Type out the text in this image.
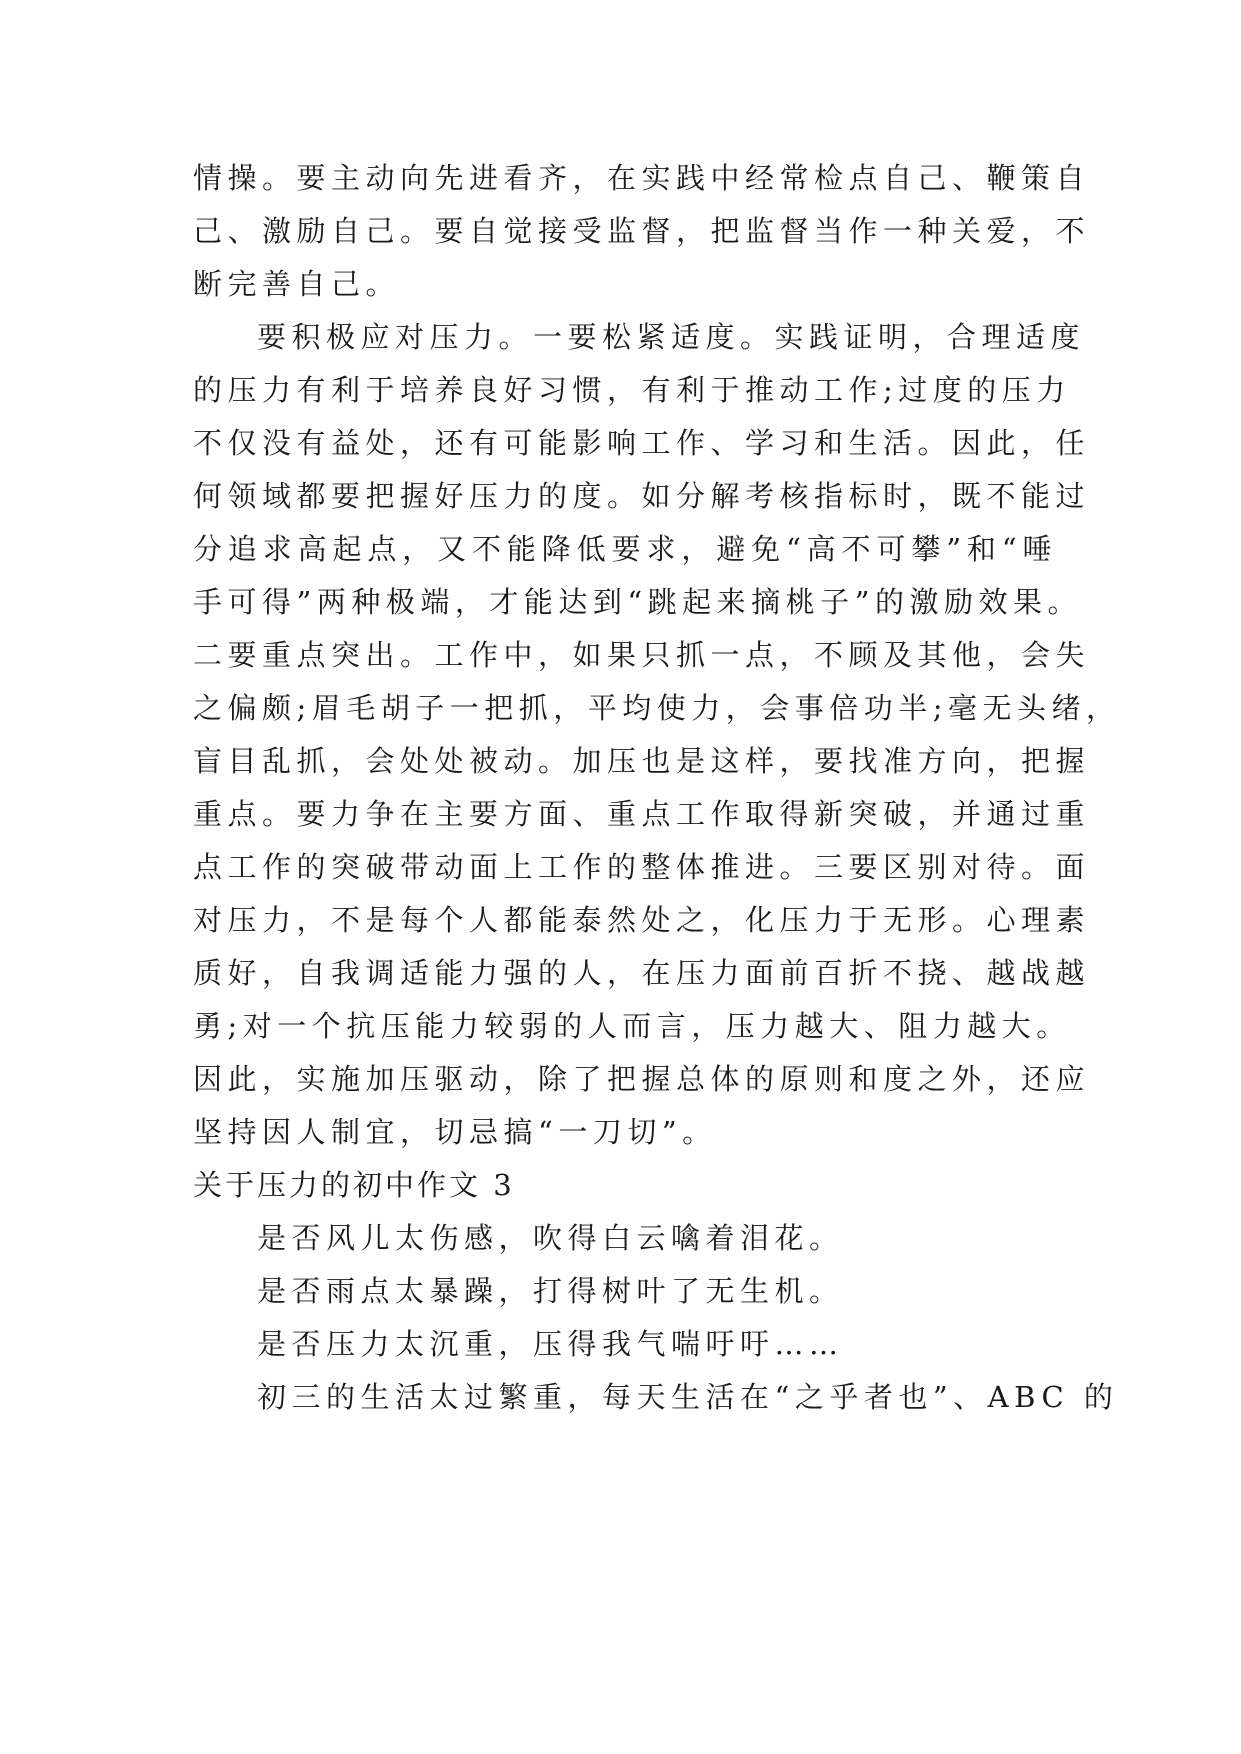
情操。要主动向先进看齐，在实践中经常检点自己、鞭策自
己、激励自己。要自觉接受监督，把监督当作一种关爱，不
断完善自己。
要积极应对压力。一要松紧适度。实践证明，合理适度
的压力有利于培养良好习惯，有利于推动工作;过度的压力
不仅没有益处，还有可能影响工作、学习和生活。因此，任
何领域都要把握好压力的度。如分解考核指标时，既不能过
分追求高起点，又不能降低要求，避免“高不可攀”和“唾
手可得”两种极端，才能达到“跳起来摘桃子”的激励效果。
二要重点突出。工作中，如果只抓一点，不顾及其他，会失
之偏颇;眉毛胡子一把抓，平均使力，会事倍功半;毫无头绪，
盲目乱抓，会处处被动。加压也是这样，要找准方向，把握
重点。要力争在主要方面、重点工作取得新突破，并通过重
点工作的突破带动面上工作的整体推进。三要区别对待。面
对压力，不是每个人都能泰然处之，化压力于无形。心理素
质好，自我调适能力强的人，在压力面前百折不挠、越战越
勇;对一个抗压能力较弱的人而言，压力越大、阻力越大。
因此，实施加压驱动，除了把握总体的原则和度之外，还应
坚持因人制宜，切忌搞“一刀切”。
关于压力的初中作文 3
是否风儿太伤感，吹得白云噙着泪花。
是否雨点太暴躁，打得树叶了无生机。
是否压力太沉重，压得我气喘吁吁……
初三的生活太过繁重，每天生活在“之乎者也”、ABC 的
